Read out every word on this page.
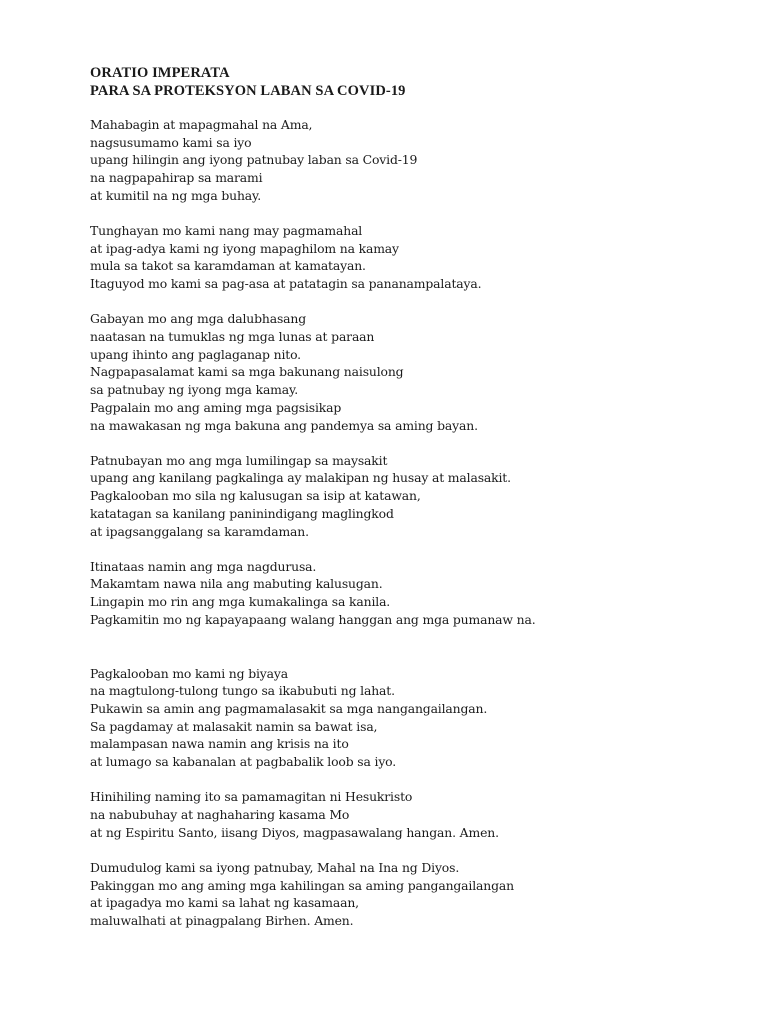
ORATIO IMPERATA
PARA SA PROTEKSYON LABAN SA COVID-19
Mahabagin at mapagmahal na Ama,
nagsusumamo kami sa iyo
upang hilingin ang iyong patnubay laban sa Covid-19
na nagpapahirap sa marami
at kumitil na ng mga buhay.
Tunghayan mo kami nang may pagmamahal
at ipag-adya kami ng iyong mapaghilom na kamay
mula sa takot sa karamdaman at kamatayan.
Itaguyod mo kami sa pag-asa at patatagin sa pananampalataya.
Gabayan mo ang mga dalubhasang
naatasan na tumuklas ng mga lunas at paraan
upang ihinto ang paglaganap nito.
Nagpapasalamat kami sa mga bakunang naisulong
sa patnubay ng iyong mga kamay.
Pagpalain mo ang aming mga pagsisikap
na mawakasan ng mga bakuna ang pandemya sa aming bayan.
Patnubayan mo ang mga lumilingap sa maysakit
upang ang kanilang pagkalinga ay malakipan ng husay at malasakit.
Pagkalooban mo sila ng kalusugan sa isip at katawan,
katatagan sa kanilang paninindigang maglingkod
at ipagsanggalang sa karamdaman.
Itinataas namin ang mga nagdurusa.
Makamtam nawa nila ang mabuting kalusugan.
Lingapin mo rin ang mga kumakalinga sa kanila.
Pagkamitin mo ng kapayapaang walang hanggan ang mga pumanaw na.
Pagkalooban mo kami ng biyaya
na magtulong-tulong tungo sa ikabubuti ng lahat.
Pukawin sa amin ang pagmamalasakit sa mga nangangailangan.
Sa pagdamay at malasakit namin sa bawat isa,
malampasan nawa namin ang krisis na ito
at lumago sa kabanalan at pagbabalik loob sa iyo.
Hinihiling naming ito sa pamamagitan ni Hesukristo
na nabubuhay at naghaharing kasama Mo
at ng Espiritu Santo, iisang Diyos, magpasawalang hangan. Amen.
Dumudulog kami sa iyong patnubay, Mahal na Ina ng Diyos.
Pakinggan mo ang aming mga kahilingan sa aming pangangailangan
at ipagadya mo kami sa lahat ng kasamaan,
maluwalhati at pinagpalang Birhen. Amen.
